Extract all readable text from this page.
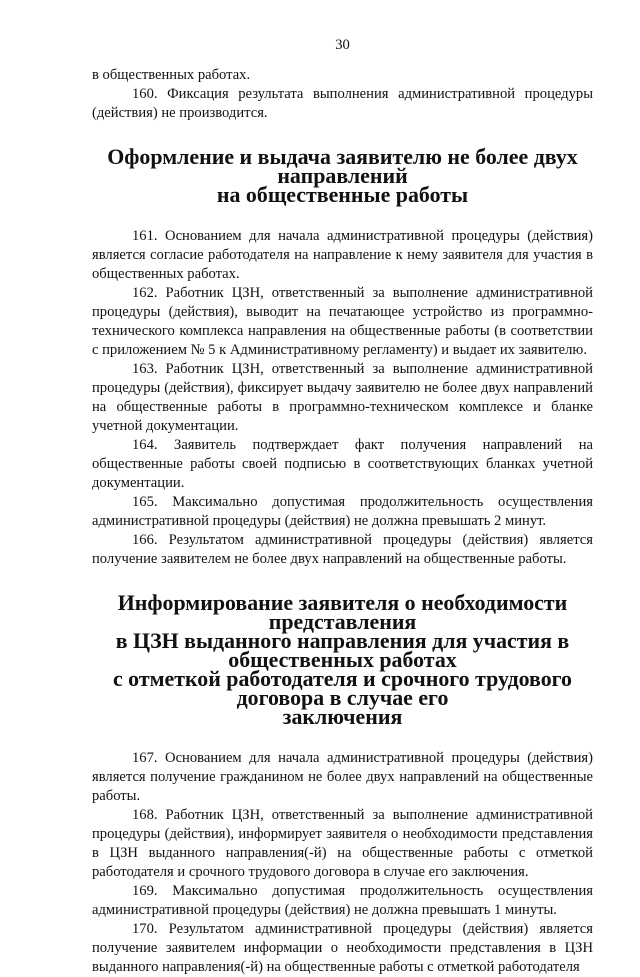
30

в общественных работах.

160. Фиксация результата выполнения административной процедуры (действия) не производится.

Оформление и выдача заявителю не более двух направлений
на общественные работы

161. Основанием для начала административной процедуры (действия) является согласие работодателя на направление к нему заявителя для участия в общественных работах.

162. Работник ЦЗН, ответственный за выполнение административной процедуры (действия), выводит на печатающее устройство из программно-технического комплекса направления на общественные работы (в соответствии с приложением № 5 к Административному регламенту) и выдает их заявителю.

163. Работник ЦЗН, ответственный за выполнение административной процедуры (действия), фиксирует выдачу заявителю не более двух направлений на общественные работы в программно-техническом комплексе и бланке учетной документации.

164. Заявитель подтверждает факт получения направлений на общественные работы своей подписью в соответствующих бланках учетной документации.

165. Максимально допустимая продолжительность осуществления административной процедуры (действия) не должна превышать 2 минут.

166. Результатом административной процедуры (действия) является получение заявителем не более двух направлений на общественные работы.

Информирование заявителя о необходимости представления
в ЦЗН выданного направления для участия в общественных работах
с отметкой работодателя и срочного трудового договора в случае его
заключения

167. Основанием для начала административной процедуры (действия) является получение гражданином не более двух направлений на общественные работы.

168. Работник ЦЗН, ответственный за выполнение административной процедуры (действия), информирует заявителя о необходимости представления в ЦЗН выданного направления(-й) на общественные работы с отметкой работодателя и срочного трудового договора в случае его заключения.

169. Максимально допустимая продолжительность осуществления административной процедуры (действия) не должна превышать 1 минуты.

170. Результатом административной процедуры (действия) является получение заявителем информации о необходимости представления в ЦЗН выданного направления(-й) на общественные работы с отметкой работодателя
